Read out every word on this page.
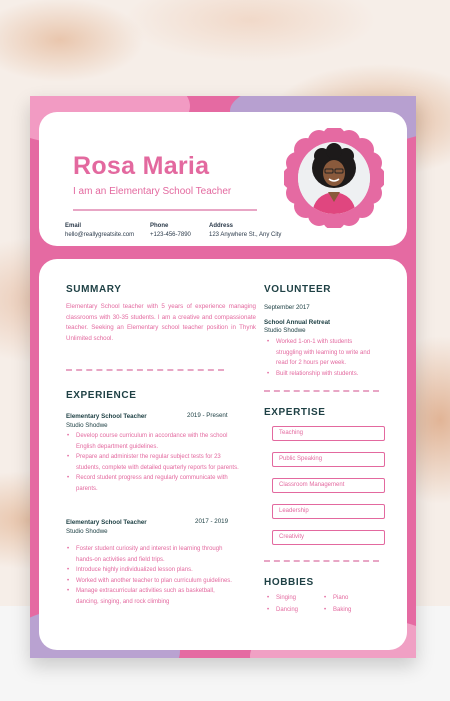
Rosa Maria

I am an Elementary School Teacher

Email
hello@reallygreatsite.com
Phone
+123-456-7890
Address
123 Anywhere St., Any City
SUMMARY

Elementary School teacher with 5 years of experience managing classrooms with 30-35 students. I am a creative and compassionate teacher. Seeking an Elementary school teacher position in Thynk Unlimited school.

EXPERIENCE
Elementary School Teacher	2019 - Present
Studio Shodwe
• Develop course curriculum in accordance with the school English department guidelines.
• Prepare and administer the regular subject tests for 23 students, complete with detailed quarterly reports for parents.
• Record student progress and regularly communicate with parents.
Elementary School Teacher	2017 - 2019
Studio Shodwe
• Foster student curiosity and interest in learning through hands-on activities and field trips.
• Introduce highly individualized lesson plans.
• Worked with another teacher to plan curriculum guidelines.
• Manage extracurricular activities such as basketball, dancing, singing, and rock climbing
VOLUNTEER
September 2017
School Annual Retreat
Studio Shodwe
• Worked 1-on-1 with students struggling with learning to write and read for 2 hours per week.
• Built relationship with students.
EXPERTISE
Teaching
Public Speaking
Classroom Management
Leadership
Creativity
HOBBIES
• Singing	• Piano
• Dancing	• Baking
